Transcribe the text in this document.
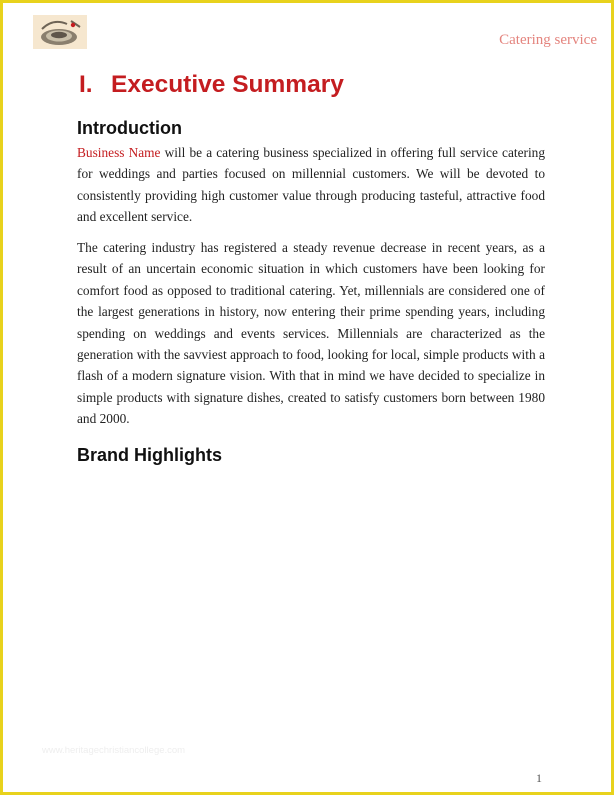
Catering service
I. Executive Summary
Introduction
Business Name will be a catering business specialized in offering full service catering for weddings and parties focused on millennial customers. We will be devoted to consistently providing high customer value through producing tasteful, attractive food and excellent service.
The catering industry has registered a steady revenue decrease in recent years, as a result of an uncertain economic situation in which customers have been looking for comfort food as opposed to traditional catering. Yet, millennials are considered one of the largest generations in history, now entering their prime spending years, including spending on weddings and events services. Millennials are characterized as the generation with the savviest approach to food, looking for local, simple products with a flash of a modern signature vision. With that in mind we have decided to specialize in simple products with signature dishes, created to satisfy customers born between 1980 and 2000.
Brand Highlights
www.heritagechristiancollege.com
1
